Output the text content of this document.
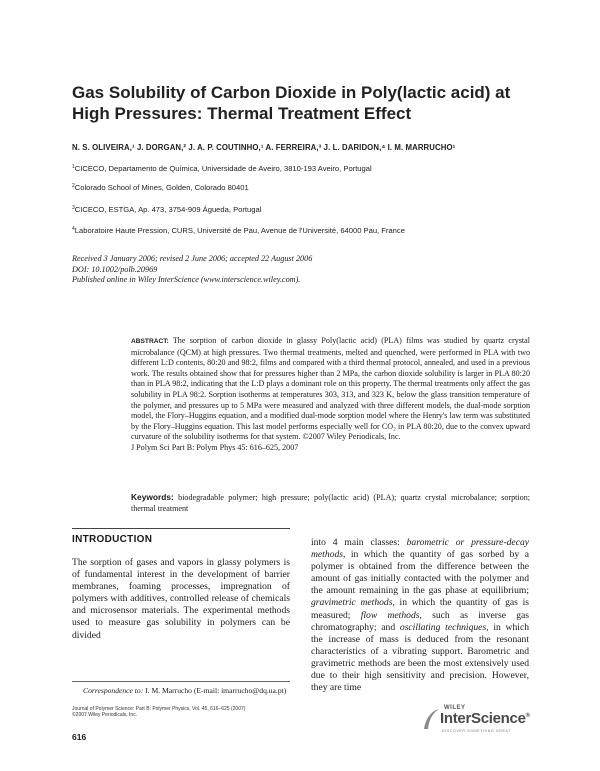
Gas Solubility of Carbon Dioxide in Poly(lactic acid) at High Pressures: Thermal Treatment Effect
N. S. OLIVEIRA,¹ J. DORGAN,² J. A. P. COUTINHO,¹ A. FERREIRA,³ J. L. DARIDON,⁴ I. M. MARRUCHO¹
$^1$CICECO, Departamento de Química, Universidade de Aveiro, 3810-193 Aveiro, Portugal
$^2$Colorado School of Mines, Golden, Colorado 80401
$^3$CICECO, ESTGA, Ap. 473, 3754-909 Águeda, Portugal
$^4$Laboratoire Haute Pression, CURS, Université de Pau, Avenue de l'Université, 64000 Pau, France
Received 3 January 2006; revised 2 June 2006; accepted 22 August 2006
DOI: 10.1002/polb.20969
Published online in Wiley InterScience (www.interscience.wiley.com).
ABSTRACT: The sorption of carbon dioxide in glassy Poly(lactic acid) (PLA) films was studied by quartz crystal microbalance (QCM) at high pressures. Two thermal treatments, melted and quenched, were performed in PLA with two different L:D contents, 80:20 and 98:2, films and compared with a third thermal protocol, annealed, and used in a previous work. The results obtained show that for pressures higher than 2 MPa, the carbon dioxide solubility is larger in PLA 80:20 than in PLA 98:2, indicating that the L:D plays a dominant role on this property. The thermal treatments only affect the gas solubility in PLA 98:2. Sorption isotherms at temperatures 303, 313, and 323 K, below the glass transition temperature of the polymer, and pressures up to 5 MPa were measured and analyzed with three different models, the dual-mode sorption model, the Flory–Huggins equation, and a modified dual-mode sorption model where the Henry's law term was substituted by the Flory–Huggins equation. This last model performs especially well for CO₂ in PLA 80:20, due to the convex upward curvature of the solubility isotherms for that system. ©2007 Wiley Periodicals, Inc.
J Polym Sci Part B: Polym Phys 45: 616–625, 2007
Keywords: biodegradable polymer; high pressure; poly(lactic acid) (PLA); quartz crystal microbalance; sorption; thermal treatment
INTRODUCTION

The sorption of gases and vapors in glassy polymers is of fundamental interest in the development of barrier membranes, foaming processes, impregnation of polymers with additives, controlled release of chemicals and microsensor materials. The experimental methods used to measure gas solubility in polymers can be divided

into 4 main classes: barometric or pressure-decay methods, in which the quantity of gas sorbed by a polymer is obtained from the difference between the amount of gas initially contacted with the polymer and the amount remaining in the gas phase at equilibrium; gravimetric methods, in which the quantity of gas is measured; flow methods, such as inverse gas chromatography; and oscillating techniques, in which the increase of mass is deduced from the resonant characteristics of a vibrating support. Barometric and gravimetric methods are been the most extensively used due to their high sensitivity and precision. However, they are time

Correspondence to: I. M. Marrucho (E-mail: imarrucho@dq.ua.pt)
Journal of Polymer Science: Part B: Polymer Physics, Vol. 45, 616–625 (2007)
©2007 Wiley Periodicals, Inc.
616
WILEY
InterScience®
DISCOVER SOMETHING GREAT
